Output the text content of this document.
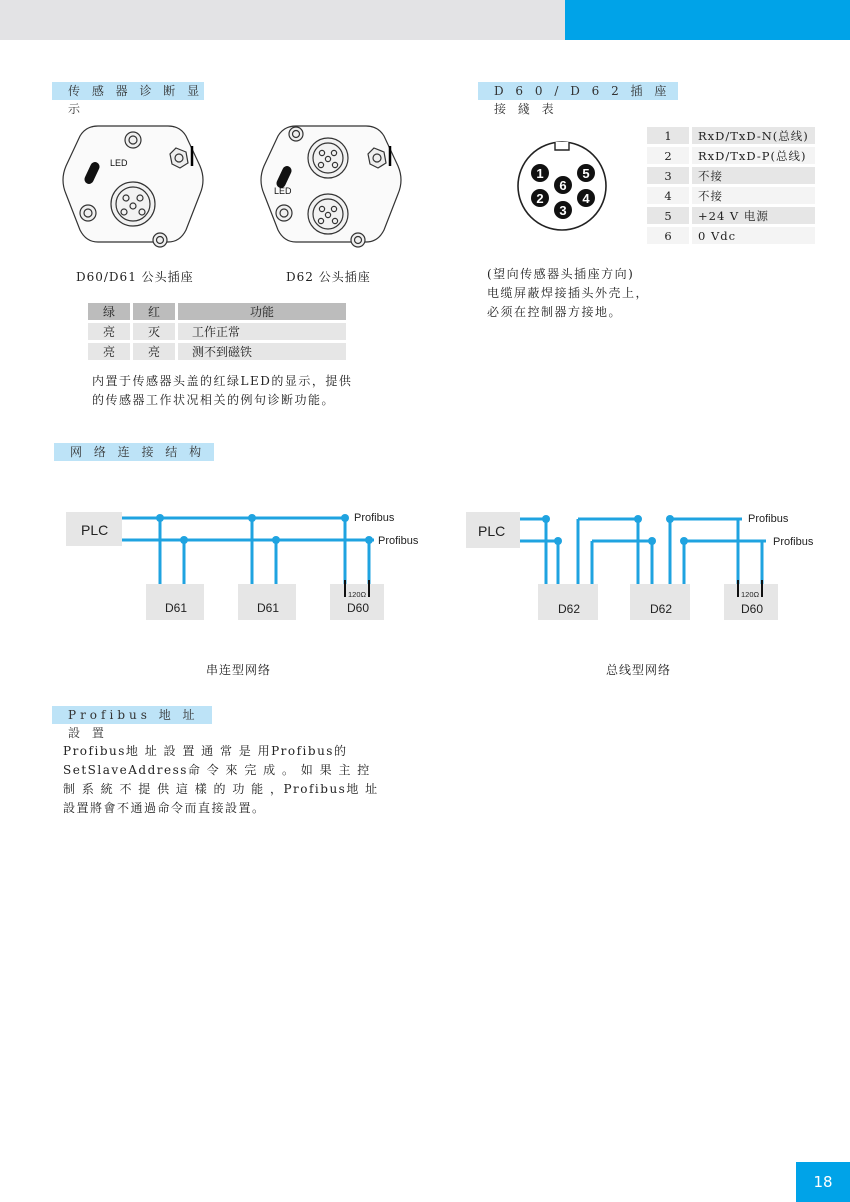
传 感 器 诊 断 显 示
LED
LED
D60/D61 公头插座	D62 公头插座
绿	红	功能
亮	灭	工作正常
亮	亮	测不到磁铁
内置于传感器头盖的红绿LED的显示，提供
的传感器工作状况相关的例句诊断功能。
D 6 0 / D 6 2 插 座 接 綫 表
1
2
3
4
5
6
1	RxD/TxD-N(总线)
2	RxD/TxD-P(总线)
3	不接
4	不接
5	+24 V 电源
6	0 Vdc
(望向传感器头插座方向)
电缆屏蔽焊接插头外壳上，
必须在控制器方接地。
网 络 连 接 结 构
PLC
Profibus
Profibus
D61	D61
120Ω
D60
PLC
Profibus
Profibus
D62	D62
120Ω
D60
串连型网络	总线型网络
Profibus 地 址 設 置
Profibus地 址 設 置 通 常 是 用Profibus的
SetSlaveAddress命 令 來 完 成 。 如 果 主 控
制 系 統 不 提 供 這 樣 的 功 能 ，Profibus地 址
設置將會不通過命令而直接設置。
18
